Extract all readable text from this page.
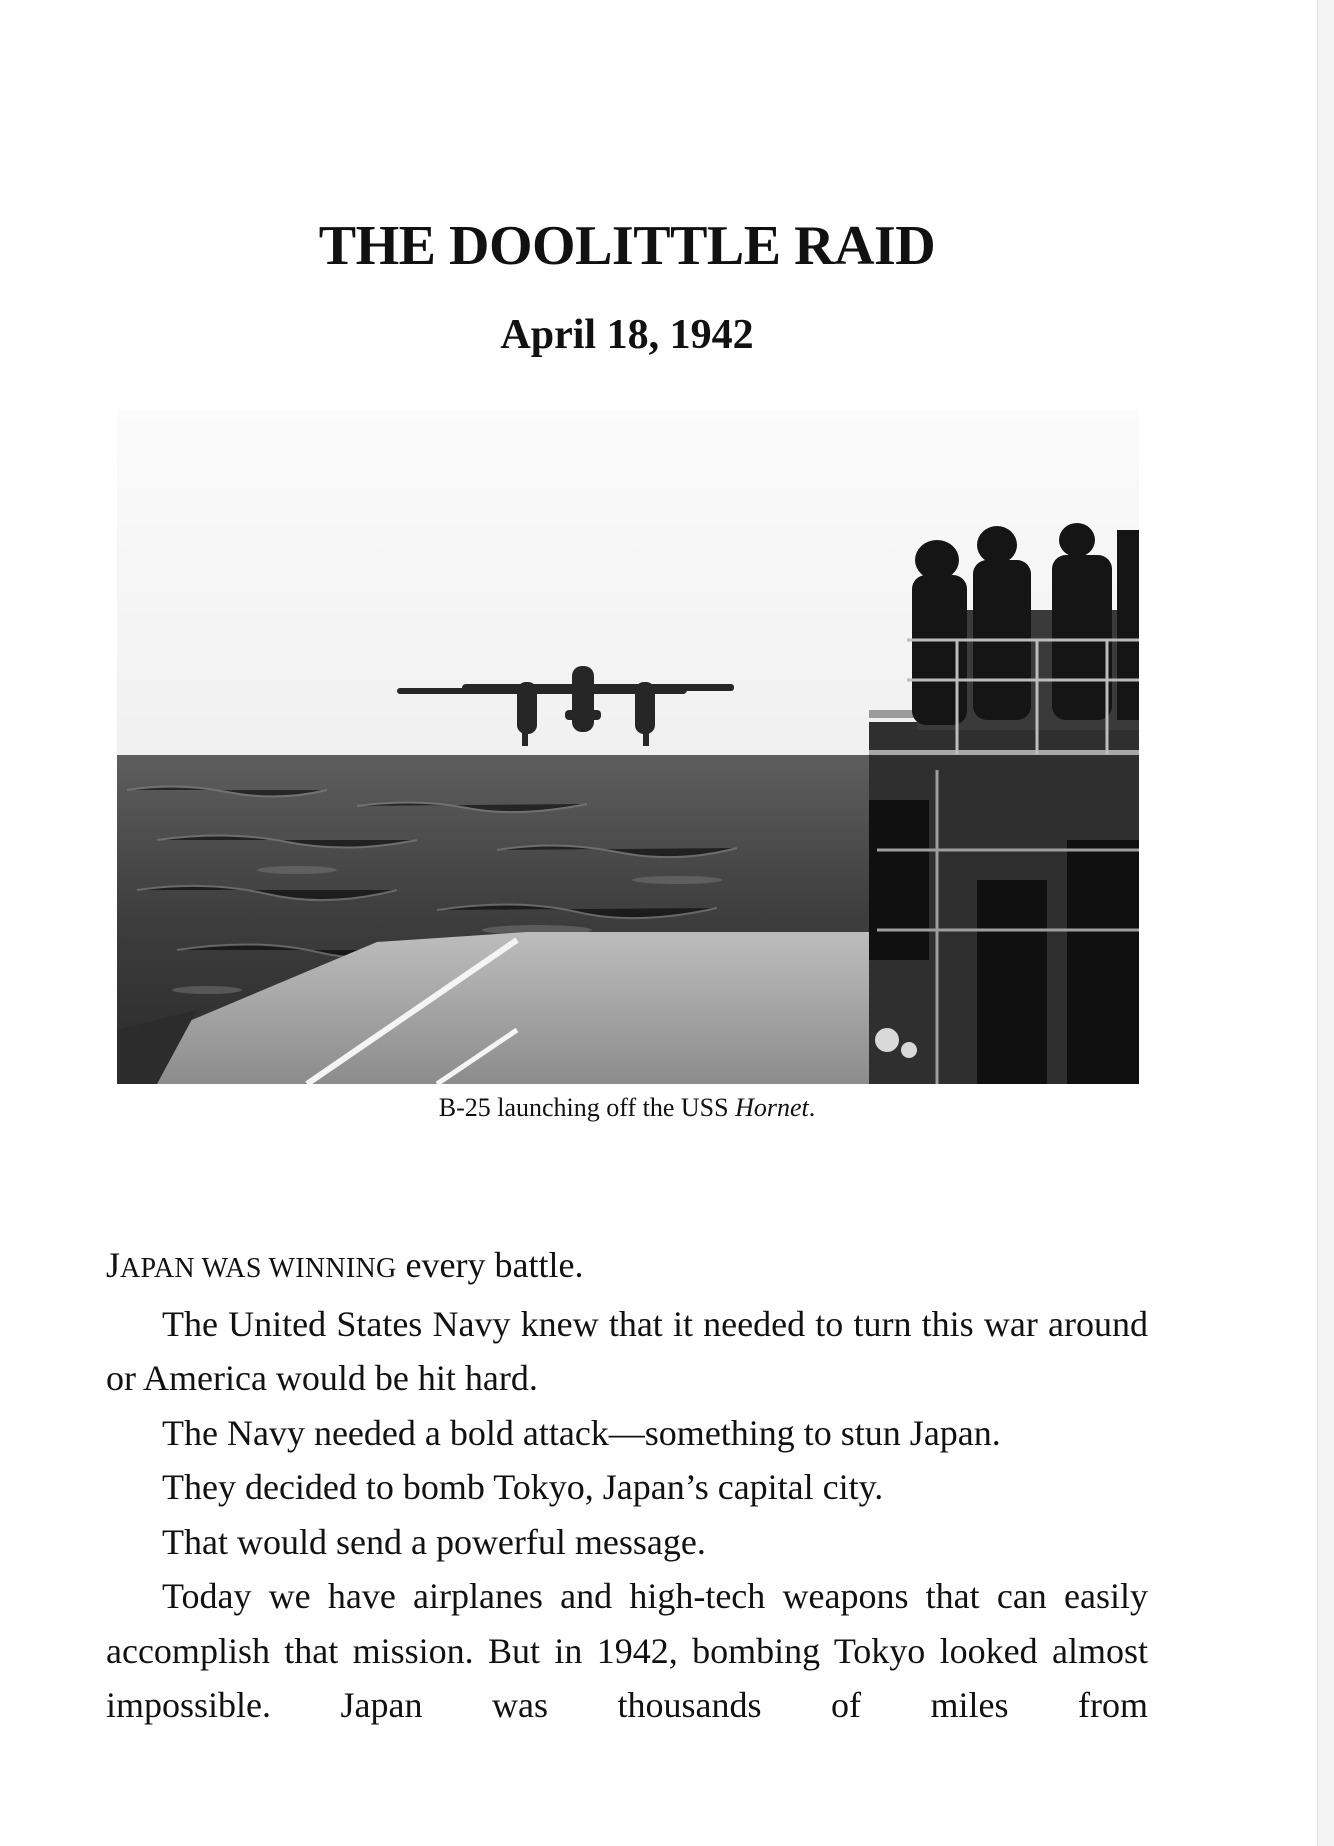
THE DOOLITTLE RAID
April 18, 1942
B-25 launching off the USS Hornet.

JAPAN WAS WINNING every battle.

The United States Navy knew that it needed to turn this war around or America would be hit hard.

The Navy needed a bold attack—something to stun Japan.

They decided to bomb Tokyo, Japan’s capital city.

That would send a powerful message.

Today we have airplanes and high-tech weapons that can easily accomplish that mission. But in 1942, bombing Tokyo looked almost impossible. Japan was thousands of miles from
